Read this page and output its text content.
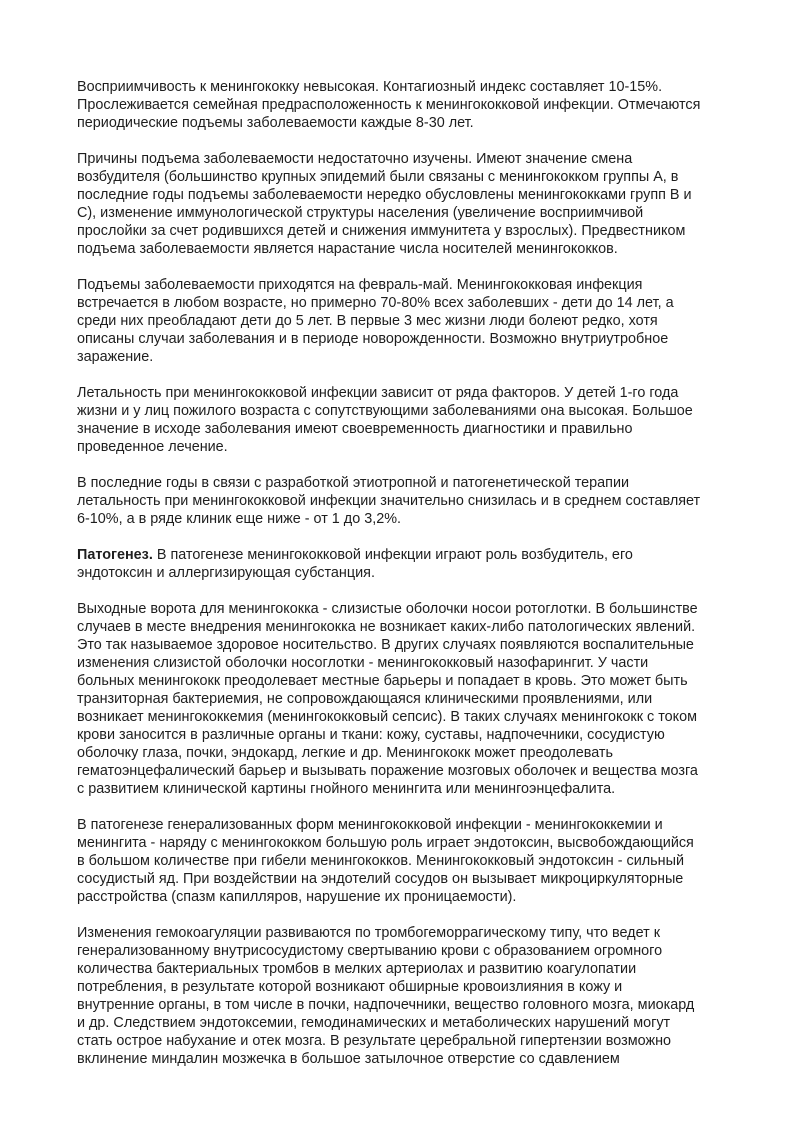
Восприимчивость к менингококку невысокая. Контагиозный индекс составляет 10-15%.
Прослеживается семейная предрасположенность к менингококковой инфекции. Отмечаются
периодические подъемы заболеваемости каждые 8-30 лет.

Причины подъема заболеваемости недостаточно изучены. Имеют значение смена
возбудителя (большинство крупных эпидемий были связаны с менингококком группы А, в
последние годы подъемы заболеваемости нередко обусловлены менингококками групп В и
С), изменение иммунологической структуры населения (увеличение восприимчивой
прослойки за счет родившихся детей и снижения иммунитета у взрослых). Предвестником
подъема заболеваемости является нарастание числа носителей менингококков.

Подъемы заболеваемости приходятся на февраль-май. Менингококковая инфекция
встречается в любом возрасте, но примерно 70-80% всех заболевших - дети до 14 лет, а
среди них преобладают дети до 5 лет. В первые 3 мес жизни люди болеют редко, хотя
описаны случаи заболевания и в периоде новорожденности. Возможно внутриутробное
заражение.

Летальность при менингококковой инфекции зависит от ряда факторов. У детей 1-го года
жизни и у лиц пожилого возраста с сопутствующими заболеваниями она высокая. Большое
значение в исходе заболевания имеют своевременность диагностики и правильно
проведенное лечение.

В последние годы в связи с разработкой этиотропной и патогенетической терапии
летальность при менингококковой инфекции значительно снизилась и в среднем составляет
6-10%, а в ряде клиник еще ниже - от 1 до 3,2%.

Патогенез. В патогенезе менингококковой инфекции играют роль возбудитель, его
эндотоксин и аллергизирующая субстанция.

Выходные ворота для менингококка - слизистые оболочки носои ротоглотки. В большинстве
случаев в месте внедрения менингококка не возникает каких-либо патологических явлений.
Это так называемое здоровое носительство. В других случаях появляются воспалительные
изменения слизистой оболочки носоглотки - менингококковый назофарингит. У части
больных менингококк преодолевает местные барьеры и попадает в кровь. Это может быть
транзиторная бактериемия, не сопровождающаяся клиническими проявлениями, или
возникает менингококкемия (менингококковый сепсис). В таких случаях менингококк с током
крови заносится в различные органы и ткани: кожу, суставы, надпочечники, сосудистую
оболочку глаза, почки, эндокард, легкие и др. Менингококк может преодолевать
гематоэнцефалический барьер и вызывать поражение мозговых оболочек и вещества мозга
с развитием клинической картины гнойного менингита или менингоэнцефалита.

В патогенезе генерализованных форм менингококковой инфекции - менингококкемии и
менингита - наряду с менингококком большую роль играет эндотоксин, высвобождающийся
в большом количестве при гибели менингококков. Менингококковый эндотоксин - сильный
сосудистый яд. При воздействии на эндотелий сосудов он вызывает микроциркуляторные
расстройства (спазм капилляров, нарушение их проницаемости).

Изменения гемокоагуляции развиваются по тромбогеморрагическому типу, что ведет к
генерализованному внутрисосудистому свертыванию крови с образованием огромного
количества бактериальных тромбов в мелких артериолах и развитию коагулопатии
потребления, в результате которой возникают обширные кровоизлияния в кожу и
внутренние органы, в том числе в почки, надпочечники, вещество головного мозга, миокард
и др. Следствием эндотоксемии, гемодинамических и метаболических нарушений могут
стать острое набухание и отек мозга. В результате церебральной гипертензии возможно
вклинение миндалин мозжечка в большое затылочное отверстие со сдавлением
